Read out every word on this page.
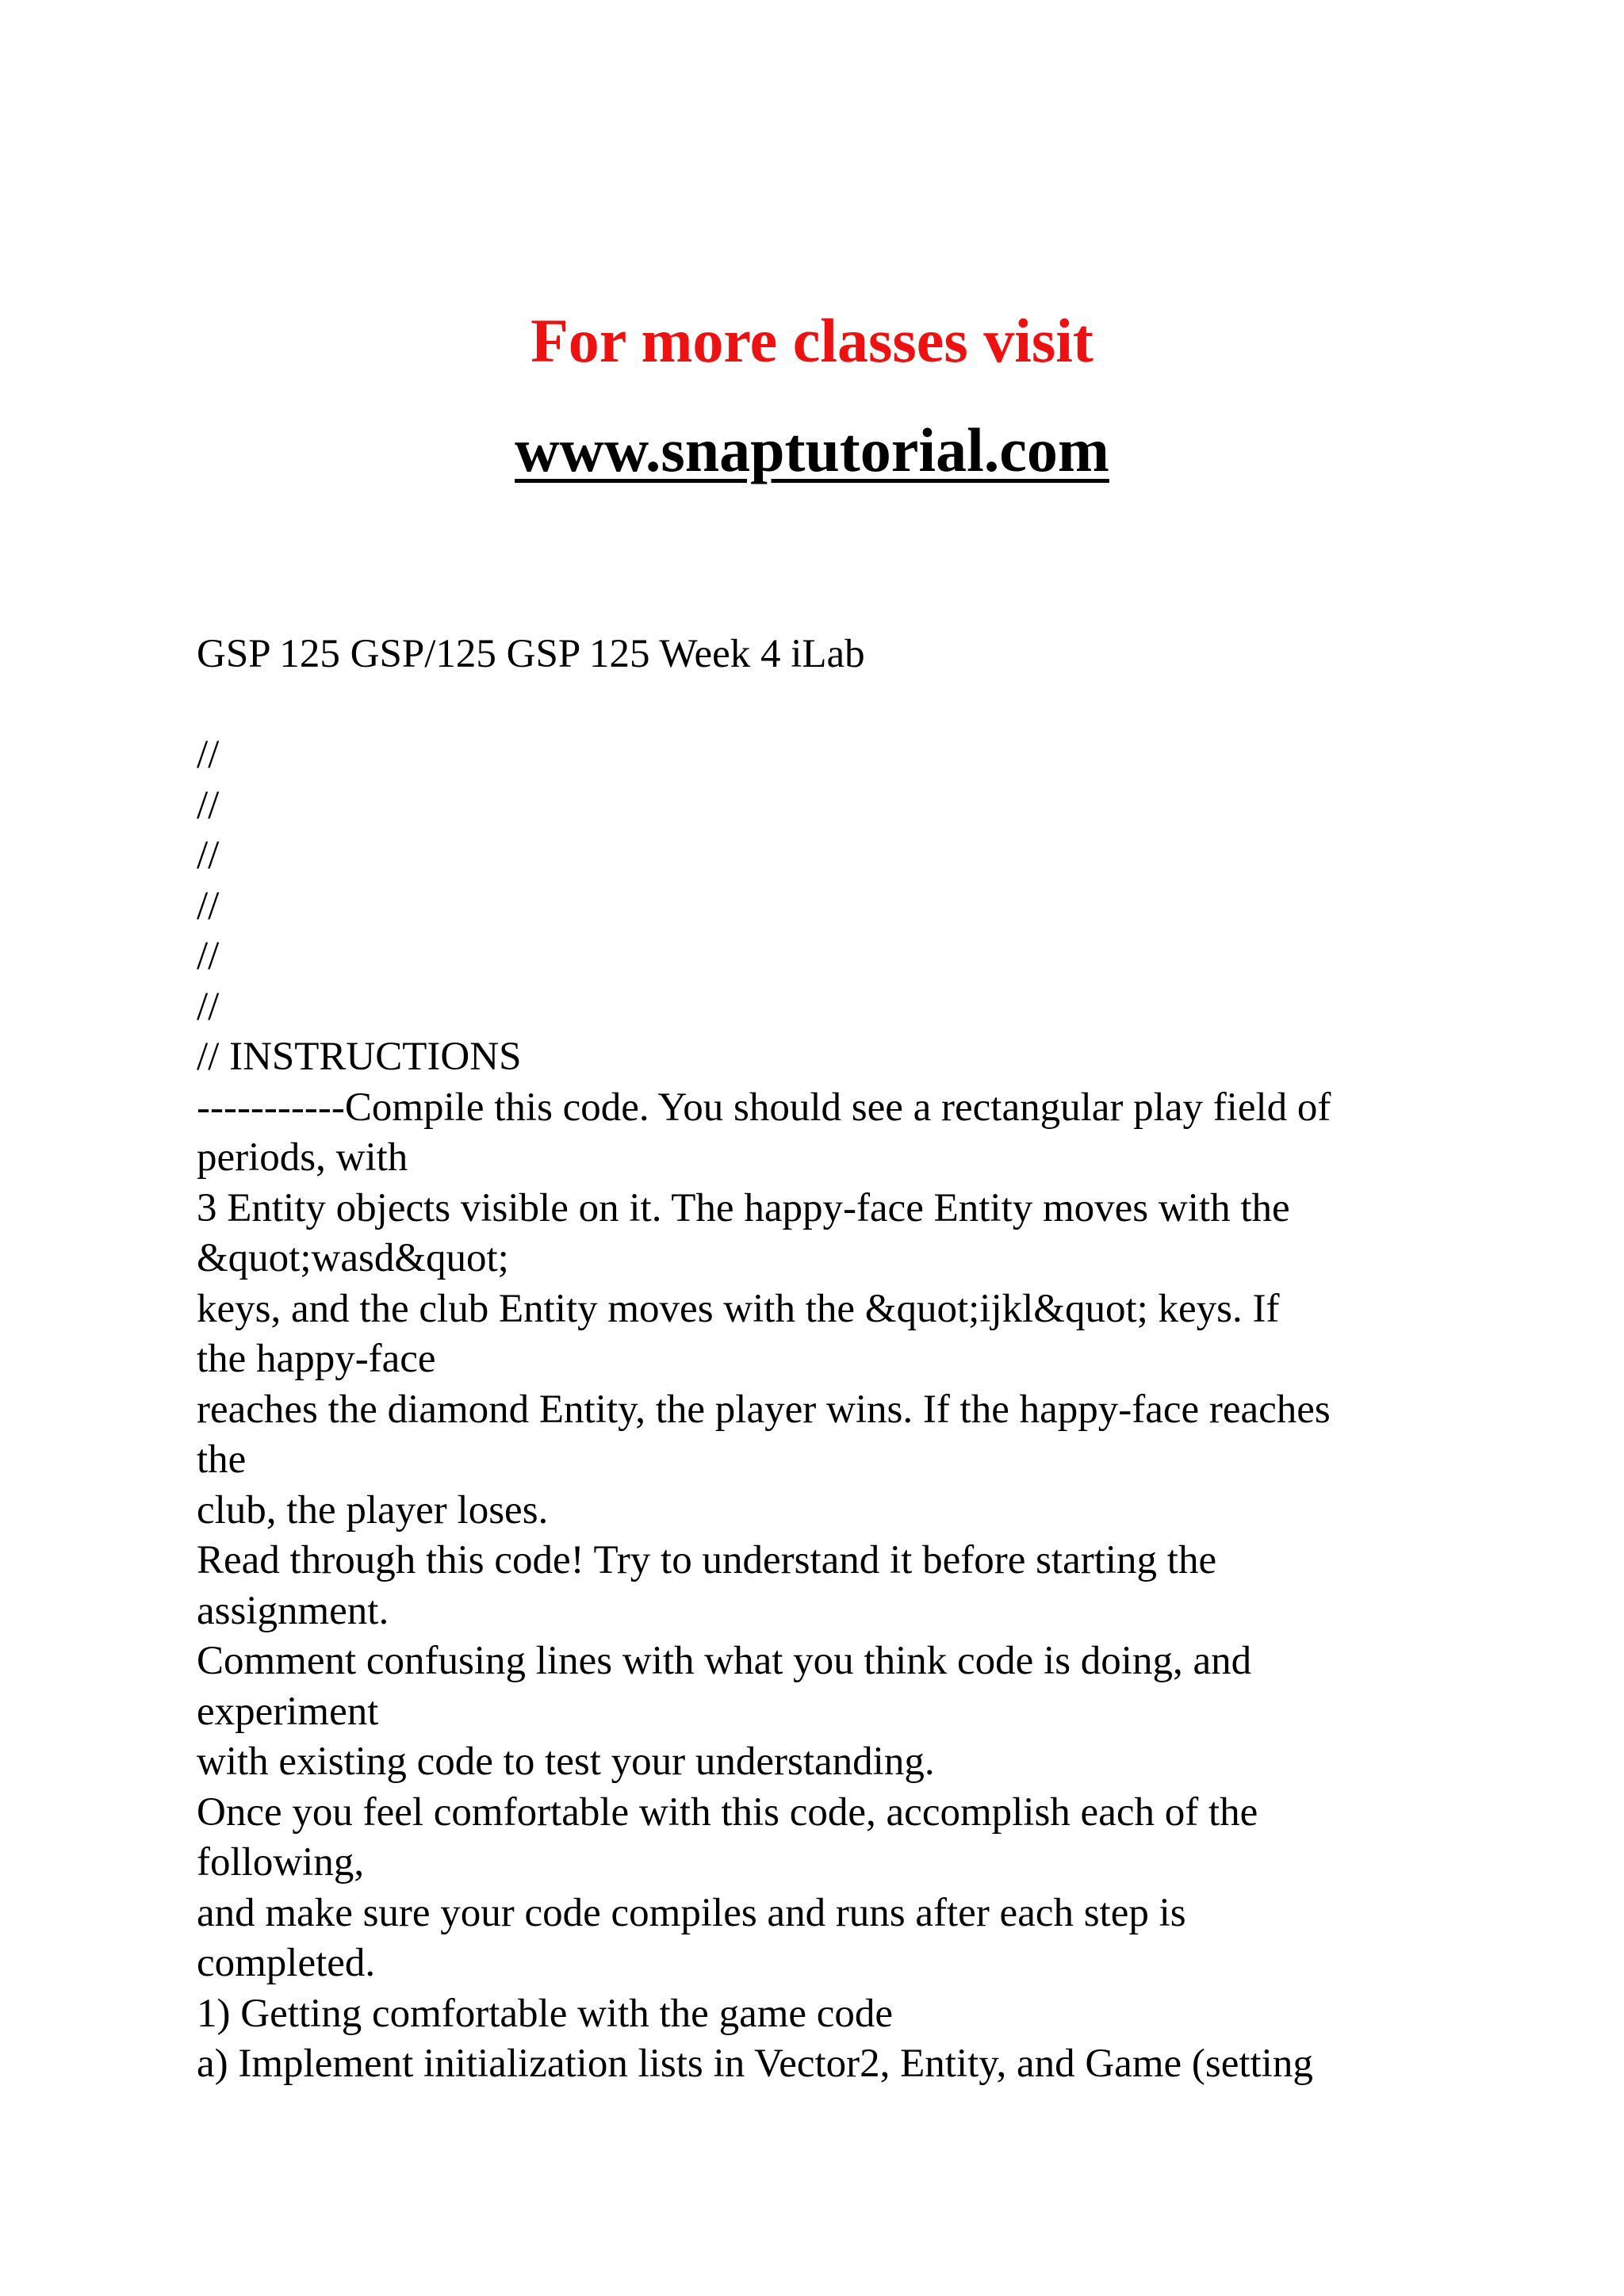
For more classes visit
www.snaptutorial.com
GSP 125 GSP/125 GSP 125 Week 4 iLab
//
//
//
//
//
//
// INSTRUCTIONS
-----------Compile this code. You should see a rectangular play field of
periods, with
3 Entity objects visible on it. The happy-face Entity moves with the
&quot;wasd&quot;
keys, and the club Entity moves with the &quot;ijkl&quot; keys. If
the happy-face
reaches the diamond Entity, the player wins. If the happy-face reaches
the
club, the player loses.
Read through this code! Try to understand it before starting the
assignment.
Comment confusing lines with what you think code is doing, and
experiment
with existing code to test your understanding.
Once you feel comfortable with this code, accomplish each of the
following,
and make sure your code compiles and runs after each step is
completed.
1) Getting comfortable with the game code
a) Implement initialization lists in Vector2, Entity, and Game (setting
